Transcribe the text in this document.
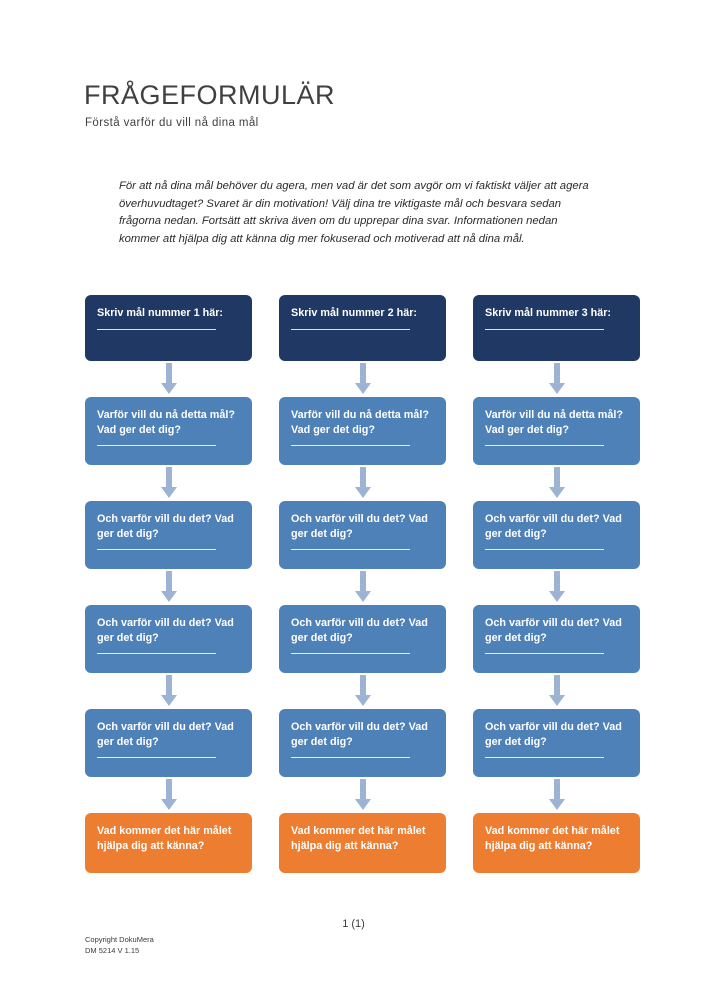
FRÅGEFORMULÄR
Förstå varför du vill nå dina mål
För att nå dina mål behöver du agera, men vad är det som avgör om vi faktiskt väljer att agera överhuvudtaget? Svaret är din motivation! Välj dina tre viktigaste mål och besvara sedan frågorna nedan. Fortsätt att skriva även om du upprepar dina svar. Informationen nedan kommer att hjälpa dig att känna dig mer fokuserad och motiverad att nå dina mål.
Skriv mål nummer 1 här:
Varför vill du nå detta mål? Vad ger det dig?
Och varför vill du det? Vad ger det dig?
Och varför vill du det? Vad ger det dig?
Och varför vill du det? Vad ger det dig?
Vad kommer det här målet hjälpa dig att känna?
Skriv mål nummer 2 här:
Varför vill du nå detta mål? Vad ger det dig?
Och varför vill du det? Vad ger det dig?
Och varför vill du det? Vad ger det dig?
Och varför vill du det? Vad ger det dig?
Vad kommer det här målet hjälpa dig att känna?
Skriv mål nummer 3 här:
Varför vill du nå detta mål? Vad ger det dig?
Och varför vill du det? Vad ger det dig?
Och varför vill du det? Vad ger det dig?
Och varför vill du det? Vad ger det dig?
Vad kommer det här målet hjälpa dig att känna?
1 (1)
Copyright DokuMera
DM 5214 V 1.15
